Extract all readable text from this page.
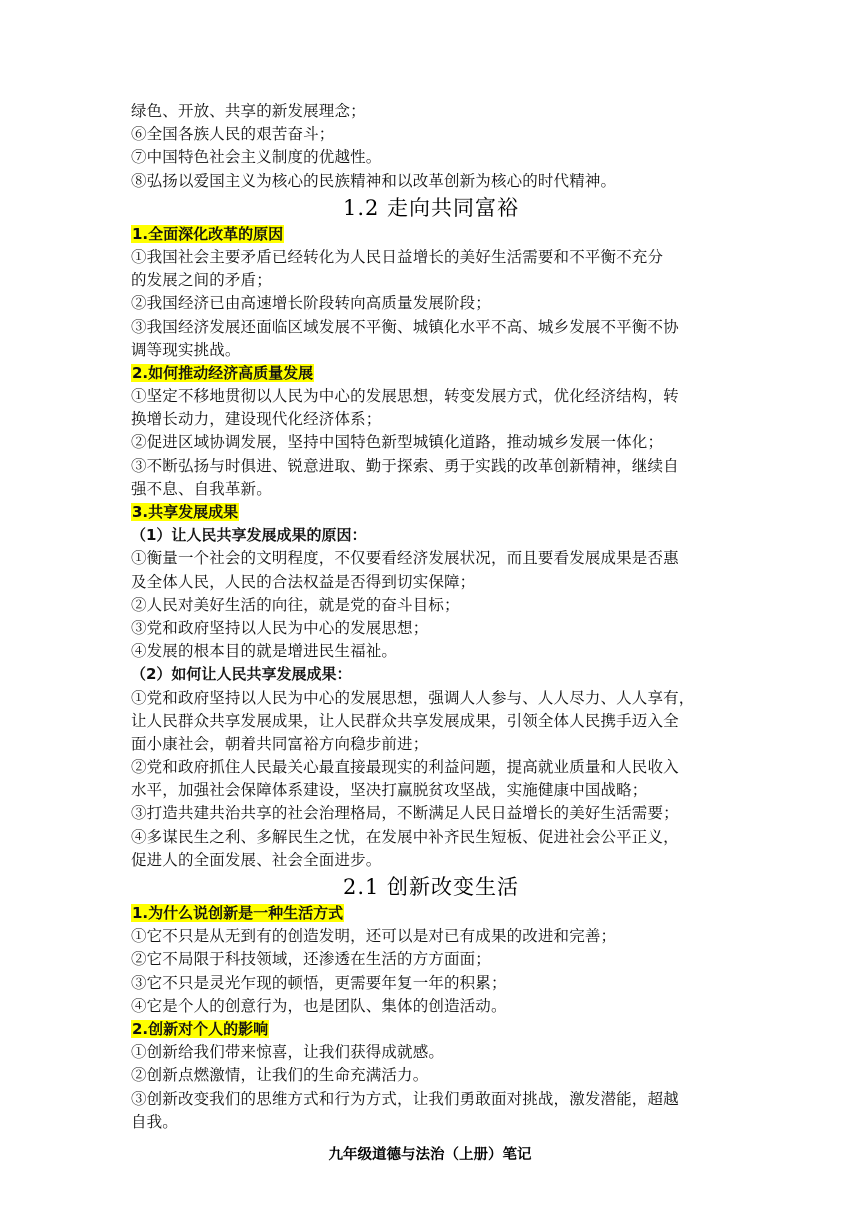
绿色、开放、共享的新发展理念；
⑥全国各族人民的艰苦奋斗；
⑦中国特色社会主义制度的优越性。
⑧弘扬以爱国主义为核心的民族精神和以改革创新为核心的时代精神。
1.2 走向共同富裕
1.全面深化改革的原因
①我国社会主要矛盾已经转化为人民日益增长的美好生活需要和不平衡不充分
的发展之间的矛盾；
②我国经济已由高速增长阶段转向高质量发展阶段；
③我国经济发展还面临区域发展不平衡、城镇化水平不高、城乡发展不平衡不协
调等现实挑战。
2.如何推动经济高质量发展
①坚定不移地贯彻以人民为中心的发展思想，转变发展方式，优化经济结构，转
换增长动力，建设现代化经济体系；
②促进区域协调发展，坚持中国特色新型城镇化道路，推动城乡发展一体化；
③不断弘扬与时俱进、锐意进取、勤于探索、勇于实践的改革创新精神，继续自
强不息、自我革新。
3.共享发展成果
（1）让人民共享发展成果的原因：
①衡量一个社会的文明程度，不仅要看经济发展状况，而且要看发展成果是否惠
及全体人民，人民的合法权益是否得到切实保障；
②人民对美好生活的向往，就是党的奋斗目标；
③党和政府坚持以人民为中心的发展思想；
④发展的根本目的就是增进民生福祉。
（2）如何让人民共享发展成果：
①党和政府坚持以人民为中心的发展思想，强调人人参与、人人尽力、人人享有，
让人民群众共享发展成果，让人民群众共享发展成果，引领全体人民携手迈入全
面小康社会，朝着共同富裕方向稳步前进；
②党和政府抓住人民最关心最直接最现实的利益问题，提高就业质量和人民收入
水平，加强社会保障体系建设，坚决打赢脱贫攻坚战，实施健康中国战略；
③打造共建共治共享的社会治理格局，不断满足人民日益增长的美好生活需要；
④多谋民生之利、多解民生之忧，在发展中补齐民生短板、促进社会公平正义，
促进人的全面发展、社会全面进步。
2.1 创新改变生活
1.为什么说创新是一种生活方式
①它不只是从无到有的创造发明，还可以是对已有成果的改进和完善；
②它不局限于科技领域，还渗透在生活的方方面面；
③它不只是灵光乍现的顿悟，更需要年复一年的积累；
④它是个人的创意行为，也是团队、集体的创造活动。
2.创新对个人的影响
①创新给我们带来惊喜，让我们获得成就感。
②创新点燃激情，让我们的生命充满活力。
③创新改变我们的思维方式和行为方式，让我们勇敢面对挑战，激发潜能，超越
自我。
九年级道德与法治（上册）笔记
